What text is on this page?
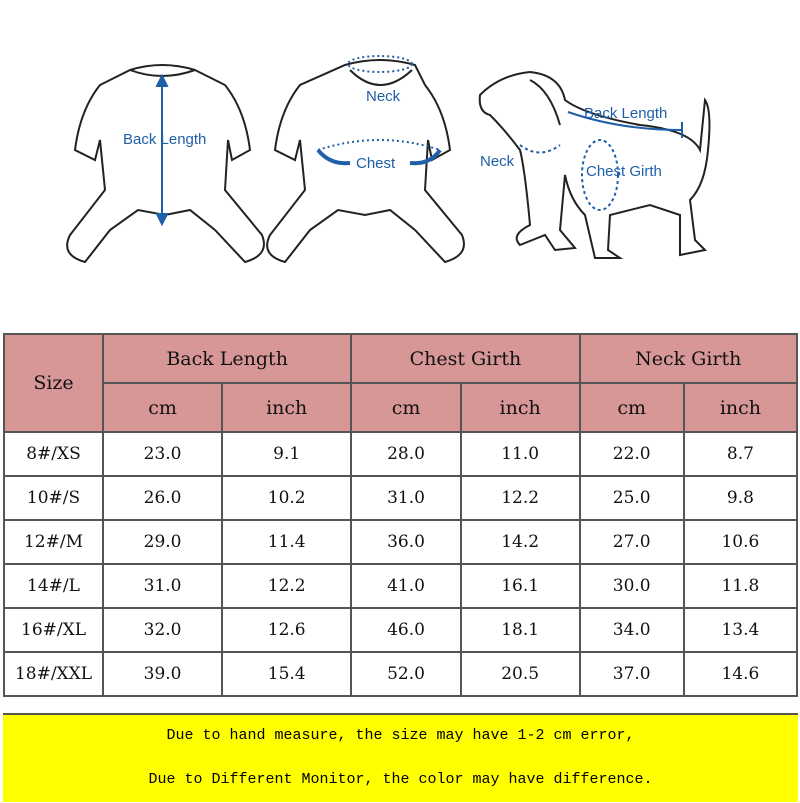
Back Length
Neck
Chest
Back Length
Neck
Chest Girth
Size	Back Length		Chest Girth		Neck Girth	
	cm	inch	cm	inch	cm	inch
8#/XS	23.0	9.1	28.0	11.0	22.0	8.7
10#/S	26.0	10.2	31.0	12.2	25.0	9.8
12#/M	29.0	11.4	36.0	14.2	27.0	10.6
14#/L	31.0	12.2	41.0	16.1	30.0	11.8
16#/XL	32.0	12.6	46.0	18.1	34.0	13.4
18#/XXL	39.0	15.4	52.0	20.5	37.0	14.6
Due to hand measure, the size may have 1-2 cm error,
Due to Different Monitor, the color may have difference.
